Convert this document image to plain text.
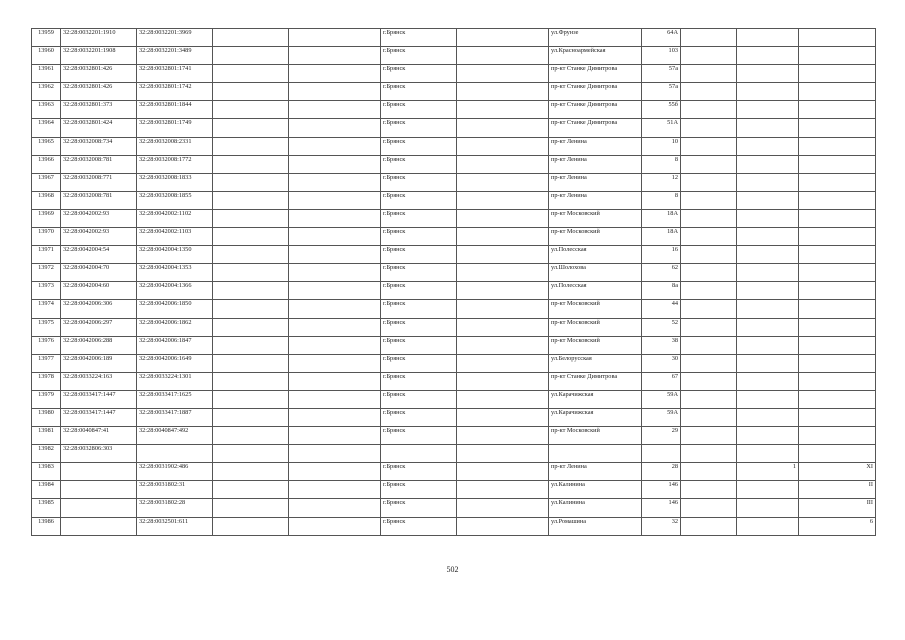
13959	32:28:0032201:1910	32:28:0032201:3969			г.Брянск		ул.Фрунзе	64А			
13960	32:28:0032201:1908	32:28:0032201:3489			г.Брянск		ул.Красноармейская	103			
13961	32:28:0032801:426	32:28:0032801:1741			г.Брянск		пр-кт Станке Димитрова	57а			
13962	32:28:0032801:426	32:28:0032801:1742			г.Брянск		пр-кт Станке Димитрова	57а			
13963	32:28:0032801:373	32:28:0032801:1844			г.Брянск		пр-кт Станке Димитрова	55б			
13964	32:28:0032801:424	32:28:0032801:1749			г.Брянск		пр-кт Станке Димитрова	51А			
13965	32:28:0032008:734	32:28:0032008:2331			г.Брянск		пр-кт Ленина	10			
13966	32:28:0032008:781	32:28:0032008:1772			г.Брянск		пр-кт Ленина	8			
13967	32:28:0032008:771	32:28:0032008:1833			г.Брянск		пр-кт Ленина	12			
13968	32:28:0032008:781	32:28:0032008:1855			г.Брянск		пр-кт Ленина	8			
13969	32:28:0042002:93	32:28:0042002:1102			г.Брянск		пр-кт Московский	18А			
13970	32:28:0042002:93	32:28:0042002:1103			г.Брянск		пр-кт Московский	18А			
13971	32:28:0042004:54	32:28:0042004:1350			г.Брянск		ул.Полесская	16			
13972	32:28:0042004:70	32:28:0042004:1353			г.Брянск		ул.Шолохова	62			
13973	32:28:0042004:60	32:28:0042004:1366			г.Брянск		ул.Полесская	8а			
13974	32:28:0042006:306	32:28:0042006:1850			г.Брянск		пр-кт Московский	44			
13975	32:28:0042006:297	32:28:0042006:1862			г.Брянск		пр-кт Московский	52			
13976	32:28:0042006:288	32:28:0042006:1847			г.Брянск		пр-кт Московский	38			
13977	32:28:0042006:189	32:28:0042006:1649			г.Брянск		ул.Белорусская	30			
13978	32:28:0033224:163	32:28:0033224:1301			г.Брянск		пр-кт Станке Димитрова	67			
13979	32:28:0033417:1447	32:28:0033417:1625			г.Брянск		ул.Карачижская	59А			
13980	32:28:0033417:1447	32:28:0033417:1887			г.Брянск		ул.Карачижская	59А			
13981	32:28:0040847:41	32:28:0040847:492			г.Брянск		пр-кт Московский	29			
13982	32:28:0032806:303										
13983		32:28:0031902:486			г.Брянск		пр-кт Ленина	28		1	XI
13984		32:28:0031802:31			г.Брянск		ул.Калинина	146			II
13985		32:28:0031802:28			г.Брянск		ул.Калинина	146			III
13986		32:28:0032501:611			г.Брянск		ул.Ромашина	32			6
502
